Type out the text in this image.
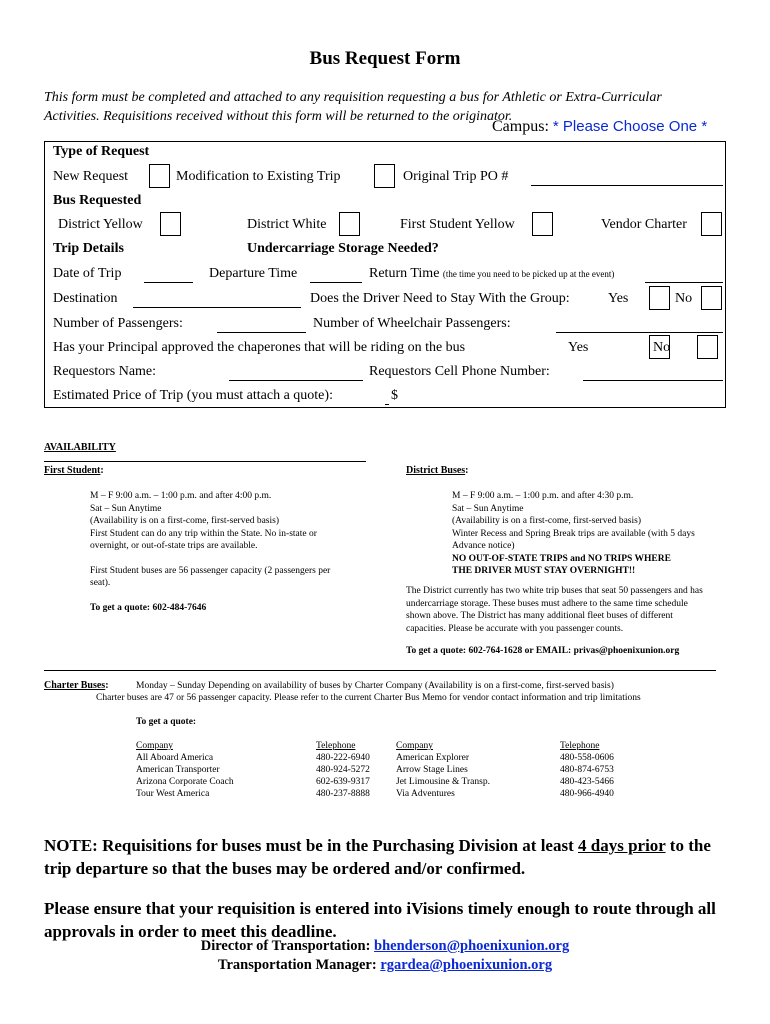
Bus Request Form
This form must be completed and attached to any requisition requesting a bus for Athletic or Extra-Curricular
Activities. Requisitions received without this form will be returned to the originator.
Campus: * Please Choose One *
Type of Request
New Request	Modification to Existing Trip	Original Trip PO #
Bus Requested
District Yellow	District White	First Student Yellow	Vendor Charter
Trip Details	Undercarriage Storage Needed?
Date of Trip	Departure Time	Return Time (the time you need to be picked up at the event)
Destination	Does the Driver Need to Stay With the Group:	Yes	No
Number of Passengers:	Number of Wheelchair Passengers:
Has your Principal approved the chaperones that will be riding on the bus	Yes	No
Requestors Name:	Requestors Cell Phone Number:
Estimated Price of Trip (you must attach a quote):	$
AVAILABILITY
First Student:
M – F 9:00 a.m. – 1:00 p.m. and after 4:00 p.m.
Sat – Sun Anytime
(Availability is on a first-come, first-served basis)
First Student can do any trip within the State. No in-state or
overnight, or out-of-state trips are available.
First Student buses are 56 passenger capacity (2 passengers per
seat).
To get a quote: 602-484-7646
District Buses:
M – F 9:00 a.m. – 1:00 p.m. and after 4:30 p.m.
Sat – Sun Anytime
(Availability is on a first-come, first-served basis)
Winter Recess and Spring Break trips are available (with 5 days
Advance notice)
NO OUT-OF-STATE TRIPS and NO TRIPS WHERE
THE DRIVER MUST STAY OVERNIGHT!!
The District currently has two white trip buses that seat 50 passengers and has
undercarriage storage. These buses must adhere to the same time schedule
shown above. The District has many additional fleet buses of different
capacities. Please be accurate with you passenger counts.
To get a quote: 602-764-1628 or EMAIL: privas@phoenixunion.org
Charter Buses:	Monday – Sunday Depending on availability of buses by Charter Company (Availability is on a first-come, first-served basis)
Charter buses are 47 or 56 passenger capacity. Please refer to the current Charter Bus Memo for vendor contact information and trip limitations
To get a quote:
Company	Telephone
All Aboard America	480-222-6940
American Transporter	480-924-5272
Arizona Corporate Coach	602-639-9317
Tour West America	480-237-8888
Company	Telephone
American Explorer	480-558-0606
Arrow Stage Lines	480-874-6753
Jet Limousine & Transp.	480-423-5466
Via Adventures	480-966-4940
NOTE: Requisitions for buses must be in the Purchasing Division at least 4 days prior to the trip departure so that the buses may be ordered and/or confirmed.
Please ensure that your requisition is entered into iVisions timely enough to route through all approvals in order to meet this deadline.
Director of Transportation: bhenderson@phoenixunion.org
Transportation Manager: rgardea@phoenixunion.org
